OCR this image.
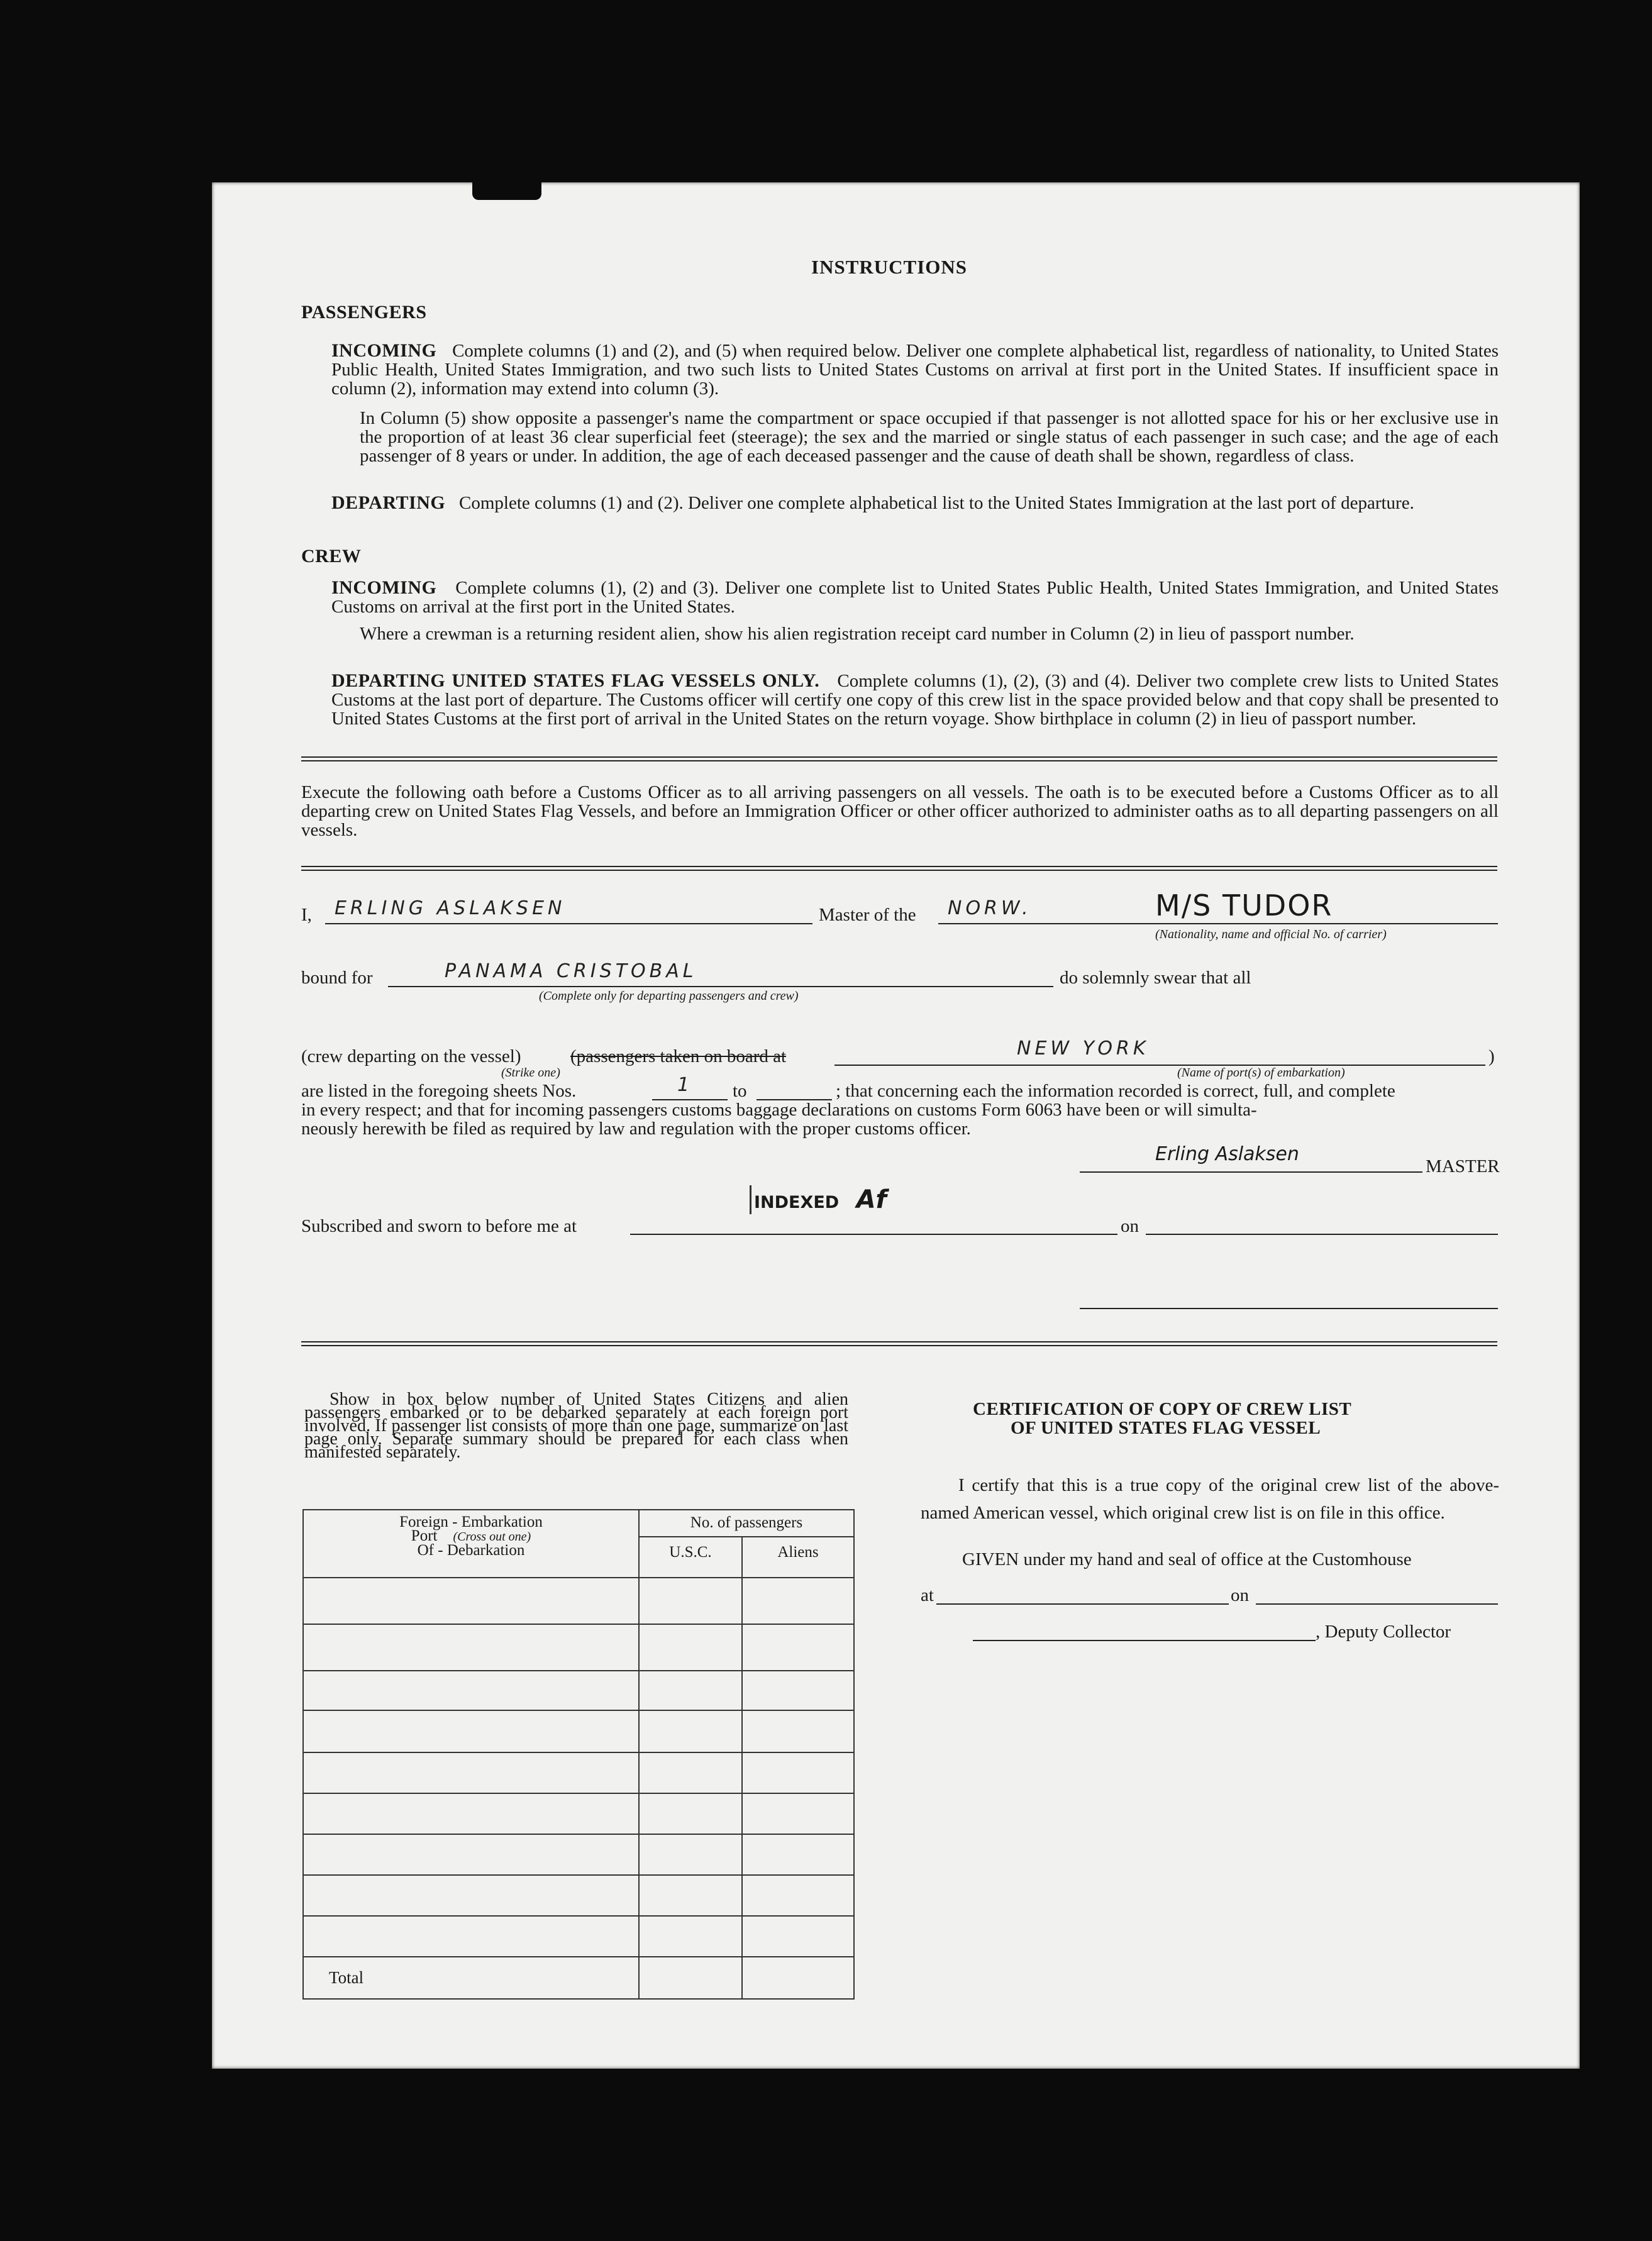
INSTRUCTIONS
PASSENGERS
INCOMING Complete columns (1) and (2), and (5) when required below. Deliver one complete alphabetical list, regardless of nationality, to United States Public Health, United States Immigration, and two such lists to United States Customs on arrival at first port in the United States. If insufficient space in column (2), information may extend into column (3).
In Column (5) show opposite a passenger's name the compartment or space occupied if that passenger is not allotted space for his or her exclusive use in the proportion of at least 36 clear superficial feet (steerage); the sex and the married or single status of each passenger in such case; and the age of each passenger of 8 years or under. In addition, the age of each deceased passenger and the cause of death shall be shown, regardless of class.
DEPARTING Complete columns (1) and (2). Deliver one complete alphabetical list to the United States Immigration at the last port of departure.
CREW
INCOMING Complete columns (1), (2) and (3). Deliver one complete list to United States Public Health, United States Immigration, and United States Customs on arrival at the first port in the United States.
Where a crewman is a returning resident alien, show his alien registration receipt card number in Column (2) in lieu of passport number.
DEPARTING UNITED STATES FLAG VESSELS ONLY. Complete columns (1), (2), (3) and (4). Deliver two complete crew lists to United States Customs at the last port of departure. The Customs officer will certify one copy of this crew list in the space provided below and that copy shall be presented to United States Customs at the first port of arrival in the United States on the return voyage. Show birthplace in column (2) in lieu of passport number.
Execute the following oath before a Customs Officer as to all arriving passengers on all vessels. The oath is to be executed before a Customs Officer as to all departing crew on United States Flag Vessels, and before an Immigration Officer or other officer authorized to administer oaths as to all departing passengers on all vessels.
I, ERLING ASLAKSEN	Master of the NORW.	M/S TUDOR
(Nationality, name and official No. of carrier)
bound for	PANAMA CRISTOBAL
(Complete only for departing passengers and crew)
do solemnly swear that all
(crew departing on the vessel)	(passengers taken on board at
(Strike one)
NEW YORK
(Name of port(s) of embarkation)
)
are listed in the foregoing sheets Nos.	1 to	; that concerning each the information recorded is correct, full, and complete
in every respect; and that for incoming passengers customs baggage declarations on customs Form 6063 have been or will simulta-
neously herewith be filed as required by law and regulation with the proper customs officer.
Erling Aslaksen
MASTER
INDEXED Af
Subscribed and sworn to before me at	on
Show in box below number of United States Citizens and alien passengers embarked or to be debarked separately at each foreign port involved. If passenger list consists of more than one page, summarize on last page only. Separate summary should be prepared for each class when manifested separately.
Foreign - Embarkation
Port (Cross out one)
Of - Debarkation	No. of passengers	
	U.S.C.	Aliens

Total		
CERTIFICATION OF COPY OF CREW LIST
OF UNITED STATES FLAG VESSEL
I certify that this is a true copy of the original crew list of the above-named American vessel, which original crew list is on file in this office.
GIVEN under my hand and seal of office at the Customhouse
at	on
, Deputy Collector
